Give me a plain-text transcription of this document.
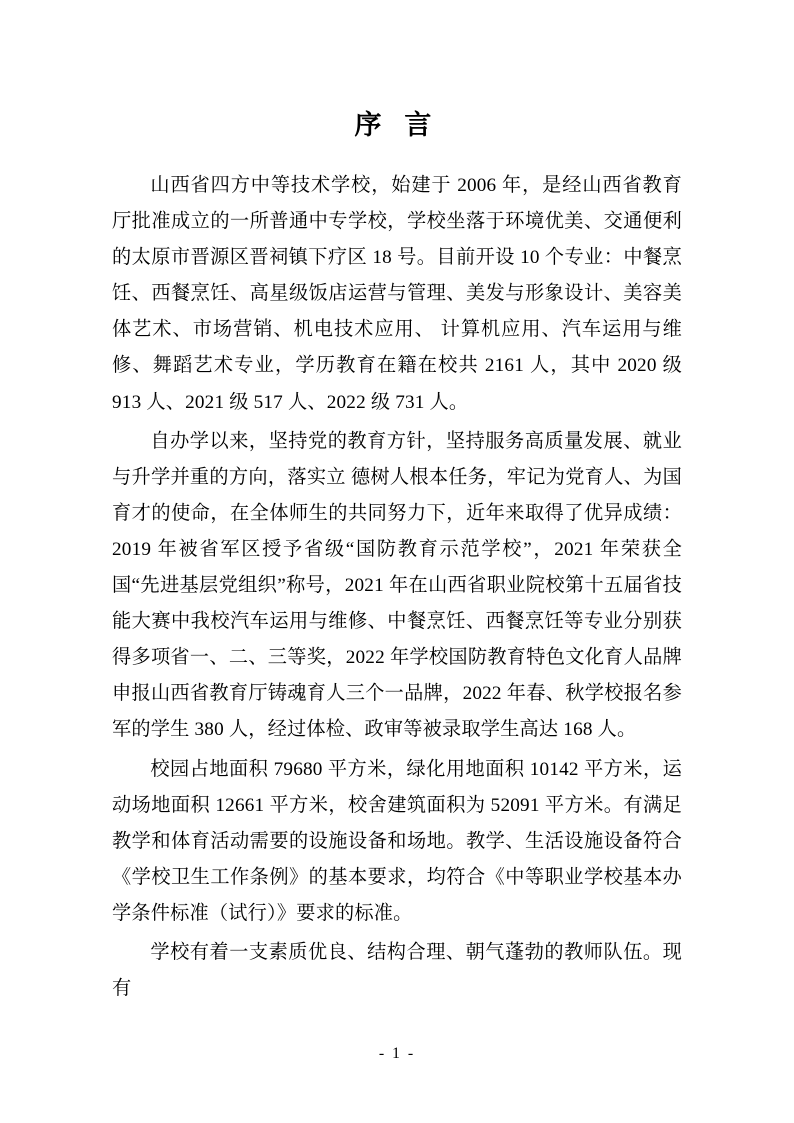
序 言

山西省四方中等技术学校，始建于 2006 年，是经山西省教育厅批准成立的一所普通中专学校，学校坐落于环境优美、交通便利的太原市晋源区晋祠镇下疗区 18 号。目前开设 10 个专业：中餐烹饪、西餐烹饪、高星级饭店运营与管理、美发与形象设计、美容美体艺术、市场营销、机电技术应用、 计算机应用、汽车运用与维修、舞蹈艺术专业，学历教育在籍在校共 2161 人，其中 2020 级 913 人、2021 级 517 人、2022 级 731 人。

自办学以来，坚持党的教育方针，坚持服务高质量发展、就业与升学并重的方向，落实立 德树人根本任务，牢记为党育人、为国育才的使命，在全体师生的共同努力下，近年来取得了优异成绩：2019 年被省军区授予省级“国防教育示范学校”，2021 年荣获全国“先进基层党组织”称号，2021 年在山西省职业院校第十五届省技能大赛中我校汽车运用与维修、中餐烹饪、西餐烹饪等专业分别获得多项省一、二、三等奖，2022 年学校国防教育特色文化育人品牌申报山西省教育厅铸魂育人三个一品牌，2022 年春、秋学校报名参军的学生 380 人，经过体检、政审等被录取学生高达 168 人。

校园占地面积 79680 平方米，绿化用地面积 10142 平方米，运动场地面积 12661 平方米，校舍建筑面积为 52091 平方米。有满足教学和体育活动需要的设施设备和场地。教学、生活设施设备符合《学校卫生工作条例》的基本要求，均符合《中等职业学校基本办学条件标准（试行）》要求的标准。

学校有着一支素质优良、结构合理、朝气蓬勃的教师队伍。现有

- 1 -
